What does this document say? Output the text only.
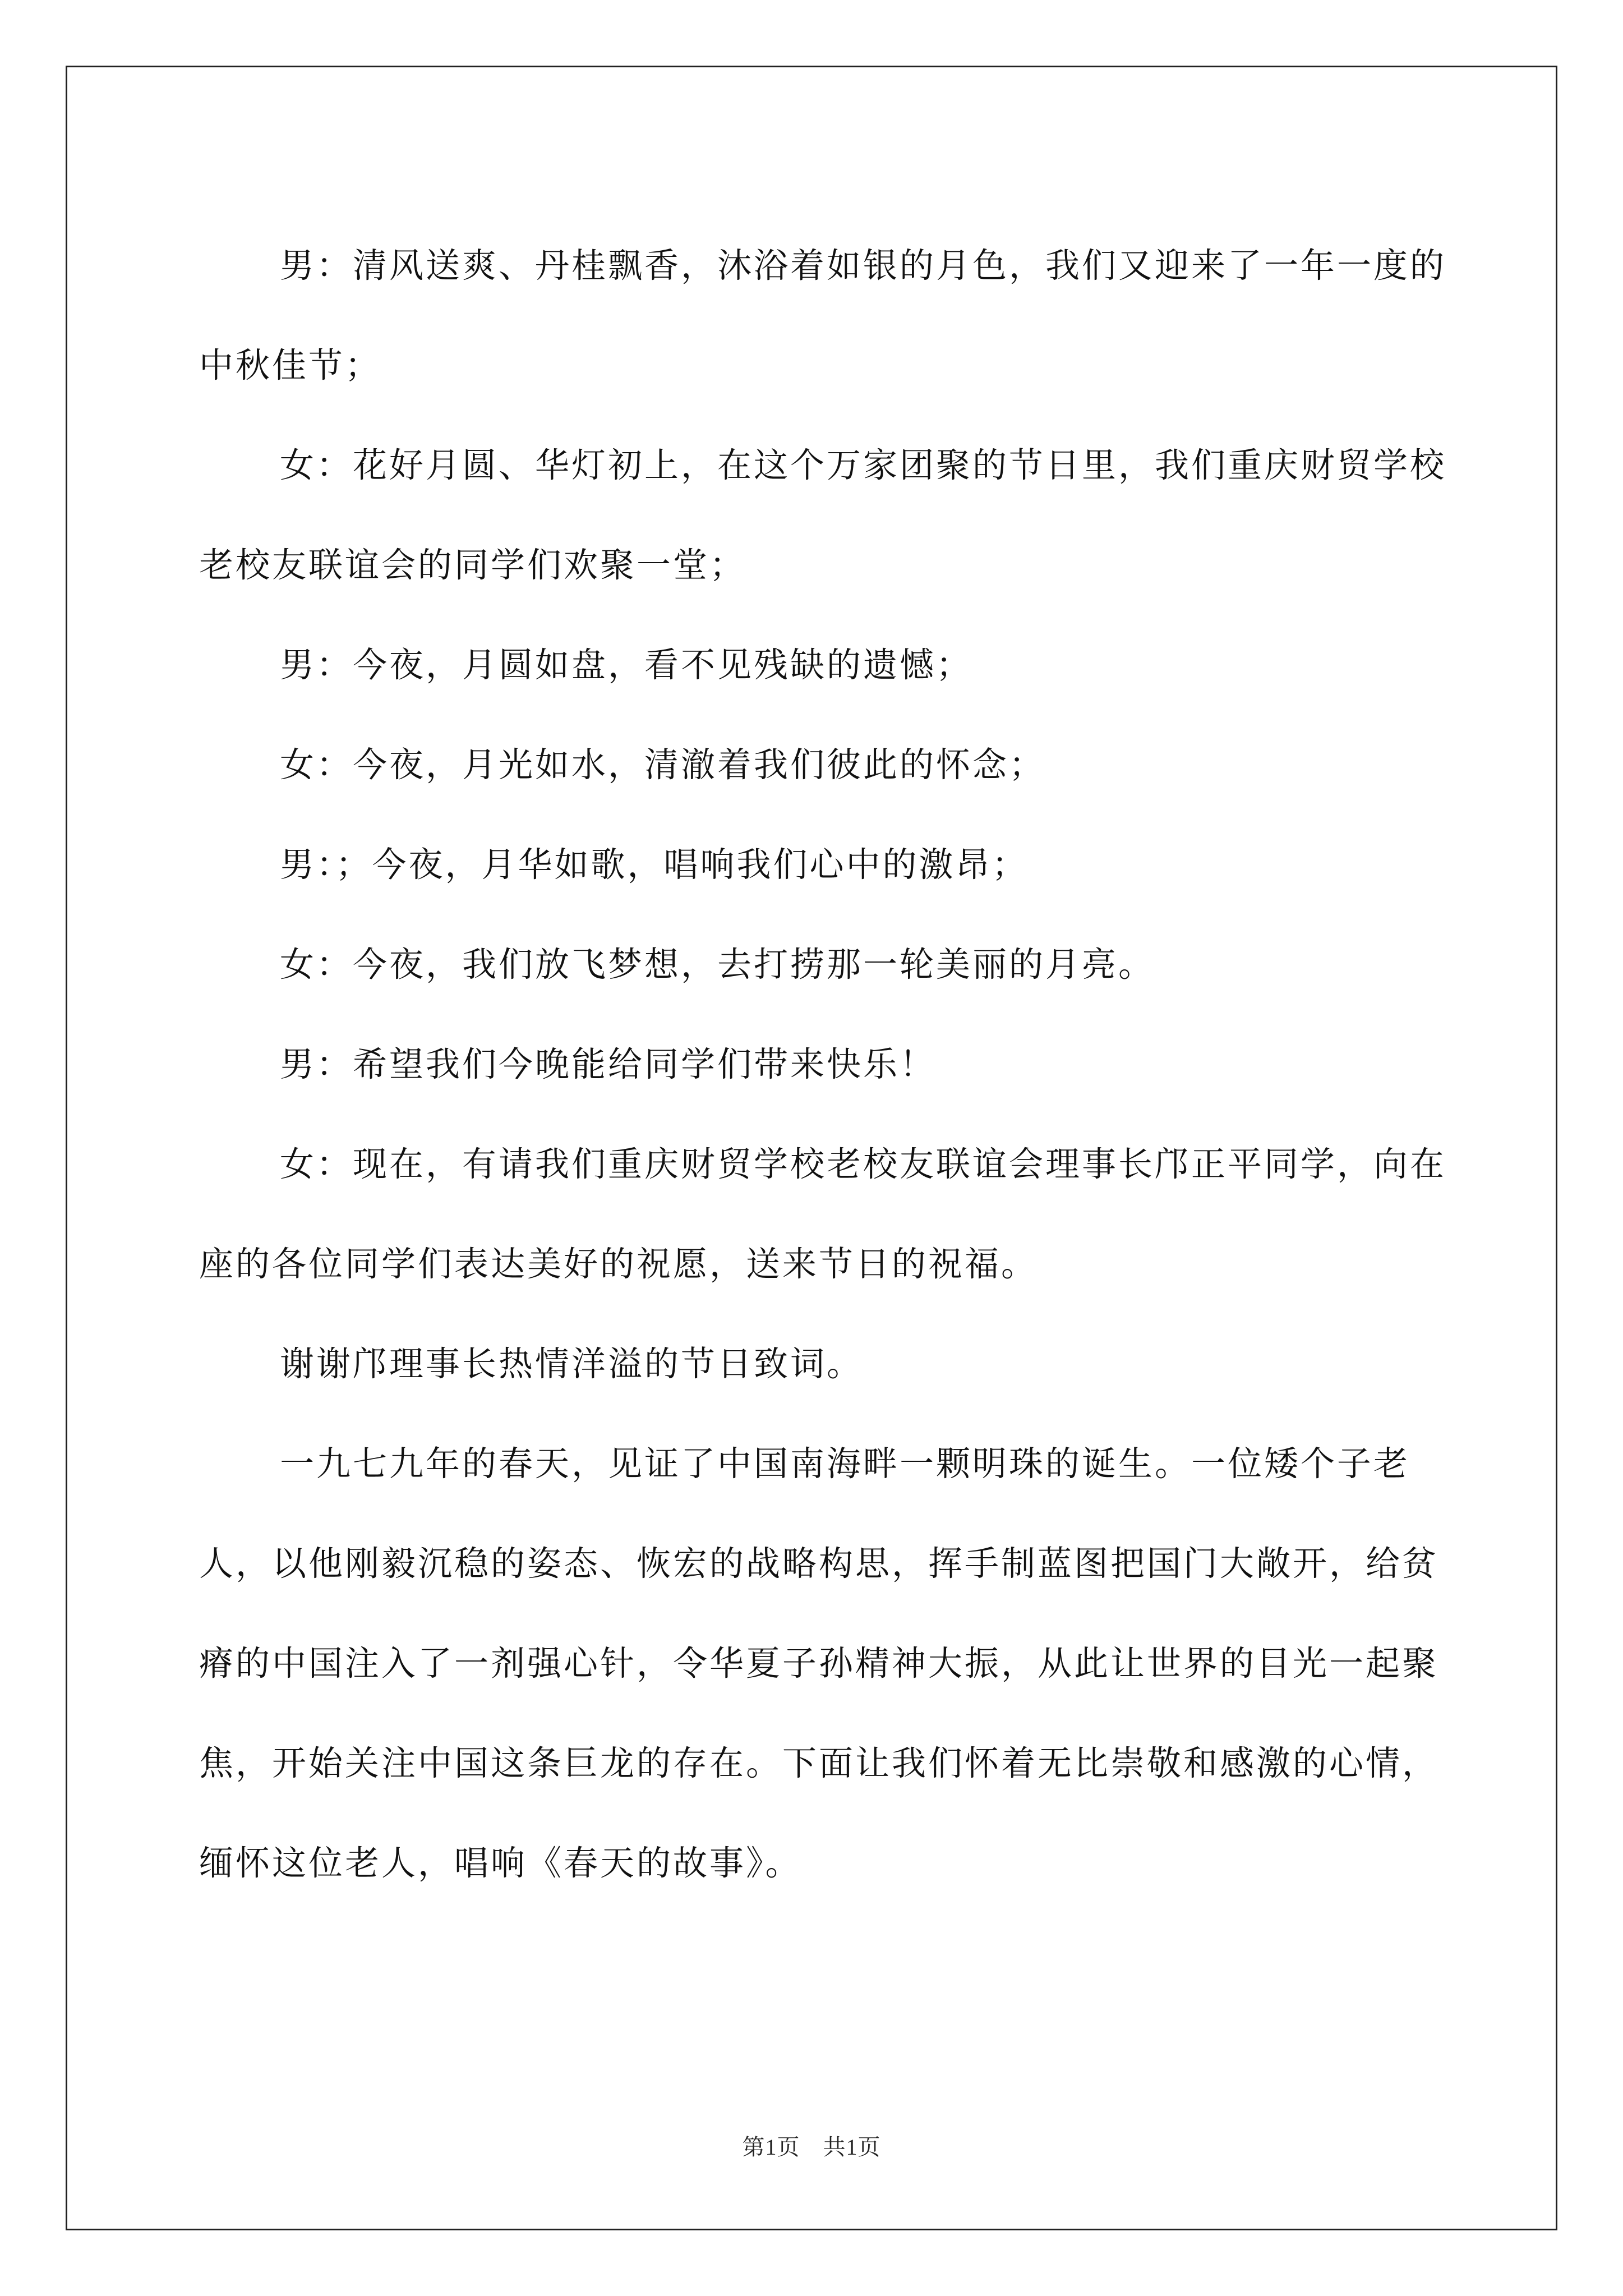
男：清风送爽、丹桂飘香，沐浴着如银的月色，我们又迎来了一年一度的中秋佳节；

女：花好月圆、华灯初上，在这个万家团聚的节日里，我们重庆财贸学校老校友联谊会的同学们欢聚一堂；

男：今夜，月圆如盘，看不见残缺的遗憾；

女：今夜，月光如水，清澈着我们彼此的怀念；

男：；今夜，月华如歌，唱响我们心中的激昂；

女：今夜，我们放飞梦想，去打捞那一轮美丽的月亮。

男：希望我们今晚能给同学们带来快乐！

女：现在，有请我们重庆财贸学校老校友联谊会理事长邝正平同学，向在座的各位同学们表达美好的祝愿，送来节日的祝福。

谢谢邝理事长热情洋溢的节日致词。

一九七九年的春天，见证了中国南海畔一颗明珠的诞生。一位矮个子老人，以他刚毅沉稳的姿态、恢宏的战略构思，挥手制蓝图把国门大敞开，给贫瘠的中国注入了一剂强心针，令华夏子孙精神大振，从此让世界的目光一起聚焦，开始关注中国这条巨龙的存在。下面让我们怀着无比崇敬和感激的心情，缅怀这位老人，唱响《春天的故事》。

第1页　共1页
